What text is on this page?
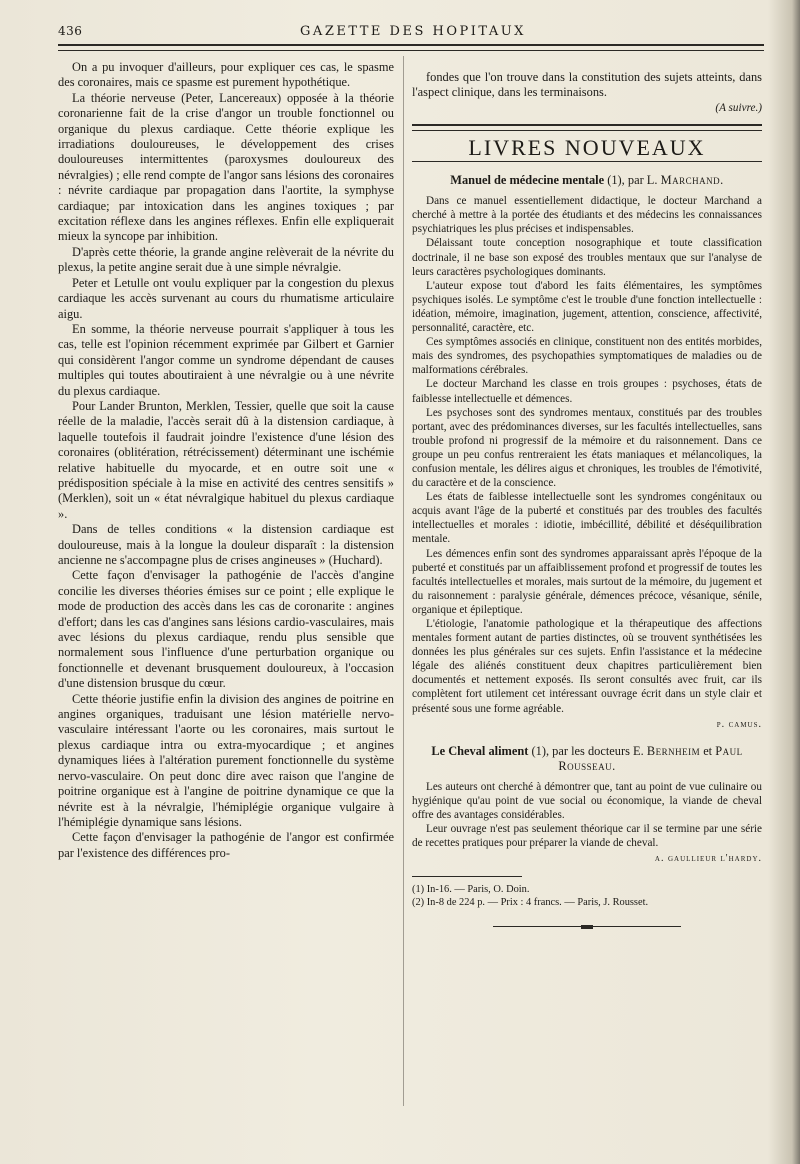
436	GAZETTE DES HOPITAUX

On a pu invoquer d'ailleurs, pour expliquer ces cas, le spasme des coronaires, mais ce spasme est purement hypothétique.

La théorie nerveuse (Peter, Lancereaux) opposée à la théorie coronarienne fait de la crise d'angor un trouble fonctionnel ou organique du plexus cardiaque. Cette théorie explique les irradiations douloureuses, le développement des crises douloureuses intermittentes (paroxysmes douloureux des névralgies) ; elle rend compte de l'angor sans lésions des coronaires : névrite cardiaque par propagation dans l'aortite, la symphyse cardiaque; par intoxication dans les angines toxiques ; par excitation réflexe dans les angines réflexes. Enfin elle expliquerait mieux la syncope par inhibition.

D'après cette théorie, la grande angine relèverait de la névrite du plexus, la petite angine serait due à une simple névralgie.

Peter et Letulle ont voulu expliquer par la congestion du plexus cardiaque les accès survenant au cours du rhumatisme articulaire aigu.

En somme, la théorie nerveuse pourrait s'appliquer à tous les cas, telle est l'opinion récemment exprimée par Gilbert et Garnier qui considèrent l'angor comme un syndrome dépendant de causes multiples qui toutes aboutiraient à une névralgie ou à une névrite du plexus cardiaque.

Pour Lander Brunton, Merklen, Tessier, quelle que soit la cause réelle de la maladie, l'accès serait dû à la distension cardiaque, à laquelle toutefois il faudrait joindre l'existence d'une lésion des coronaires (oblitération, rétrécissement) déterminant une ischémie relative habituelle du myocarde, et en outre soit une « prédisposition spéciale à la mise en activité des centres sensitifs » (Merklen), soit un « état névralgique habituel du plexus cardiaque ».

Dans de telles conditions « la distension cardiaque est douloureuse, mais à la longue la douleur disparaît : la distension ancienne ne s'accompagne plus de crises angineuses » (Huchard).

Cette façon d'envisager la pathogénie de l'accès d'angine concilie les diverses théories émises sur ce point ; elle explique le mode de production des accès dans les cas de coronarite : angines d'effort; dans les cas d'angines sans lésions cardio-vasculaires, mais avec lésions du plexus cardiaque, rendu plus sensible que normalement sous l'influence d'une perturbation organique ou fonctionnelle et devenant brusquement douloureux, à l'occasion d'une distension brusque du cœur.

Cette théorie justifie enfin la division des angines de poitrine en angines organiques, traduisant une lésion matérielle nervo-vasculaire intéressant l'aorte ou les coronaires, mais surtout le plexus cardiaque intra ou extra-myocardique ; et angines dynamiques liées à l'altération purement fonctionnelle du système nervo-vasculaire. On peut donc dire avec raison que l'angine de poitrine organique est à l'angine de poitrine dynamique ce que la névrite est à la névralgie, l'hémiplégie organique vulgaire à l'hémiplégie dynamique sans lésions.

Cette façon d'envisager la pathogénie de l'angor est confirmée par l'existence des différences pro-

fondes que l'on trouve dans la constitution des sujets atteints, dans l'aspect clinique, dans les terminaisons.

(A suivre.)
LIVRES NOUVEAUX

Manuel de médecine mentale (1), par L. Marchand.

Dans ce manuel essentiellement didactique, le docteur Marchand a cherché à mettre à la portée des étudiants et des médecins les connaissances psychiatriques les plus précises et indispensables.

Délaissant toute conception nosographique et toute classification doctrinale, il ne base son exposé des troubles mentaux que sur l'analyse de leurs caractères psychologiques dominants.

L'auteur expose tout d'abord les faits élémentaires, les symptômes psychiques isolés. Le symptôme c'est le trouble d'une fonction intellectuelle : idéation, mémoire, imagination, jugement, attention, conscience, affectivité, personnalité, caractère, etc.

Ces symptômes associés en clinique, constituent non des entités morbides, mais des syndromes, des psychopathies symptomatiques de maladies ou de malformations cérébrales.

Le docteur Marchand les classe en trois groupes : psychoses, états de faiblesse intellectuelle et démences.

Les psychoses sont des syndromes mentaux, constitués par des troubles portant, avec des prédominances diverses, sur les facultés intellectuelles, sans trouble profond ni progressif de la mémoire et du raisonnement. Dans ce groupe un peu confus rentreraient les états maniaques et mélancoliques, la confusion mentale, les délires aigus et chroniques, les troubles de l'émotivité, du caractère et de la conscience.

Les états de faiblesse intellectuelle sont les syndromes congénitaux ou acquis avant l'âge de la puberté et constitués par des troubles des facultés intellectuelles et morales : idiotie, imbécillité, débilité et déséquilibration mentale.

Les démences enfin sont des syndromes apparaissant après l'époque de la puberté et constitués par un affaiblissement profond et progressif de toutes les facultés intellectuelles et morales, mais surtout de la mémoire, du jugement et du raisonnement : paralysie générale, démences précoce, vésanique, sénile, organique et épileptique.

L'étiologie, l'anatomie pathologique et la thérapeutique des affections mentales forment autant de parties distinctes, où se trouvent synthétisées les données les plus générales sur ces sujets. Enfin l'assistance et la médecine légale des aliénés constituent deux chapitres particulièrement bien documentés et nettement exposés. Ils seront consultés avec fruit, car ils complètent fort utilement cet intéressant ouvrage écrit dans un style clair et présenté sous une forme agréable.

p. camus.

Le Cheval aliment (1), par les docteurs E. Bernheim et Paul Rousseau.

Les auteurs ont cherché à démontrer que, tant au point de vue culinaire ou hygiénique qu'au point de vue social ou économique, la viande de cheval offre des avantages considérables.

Leur ouvrage n'est pas seulement théorique car il se termine par une série de recettes pratiques pour préparer la viande de cheval.

a. gaullieur l'hardy.

(1) In-16. — Paris, O. Doin.

(2) In-8 de 224 p. — Prix : 4 francs. — Paris, J. Rousset.
